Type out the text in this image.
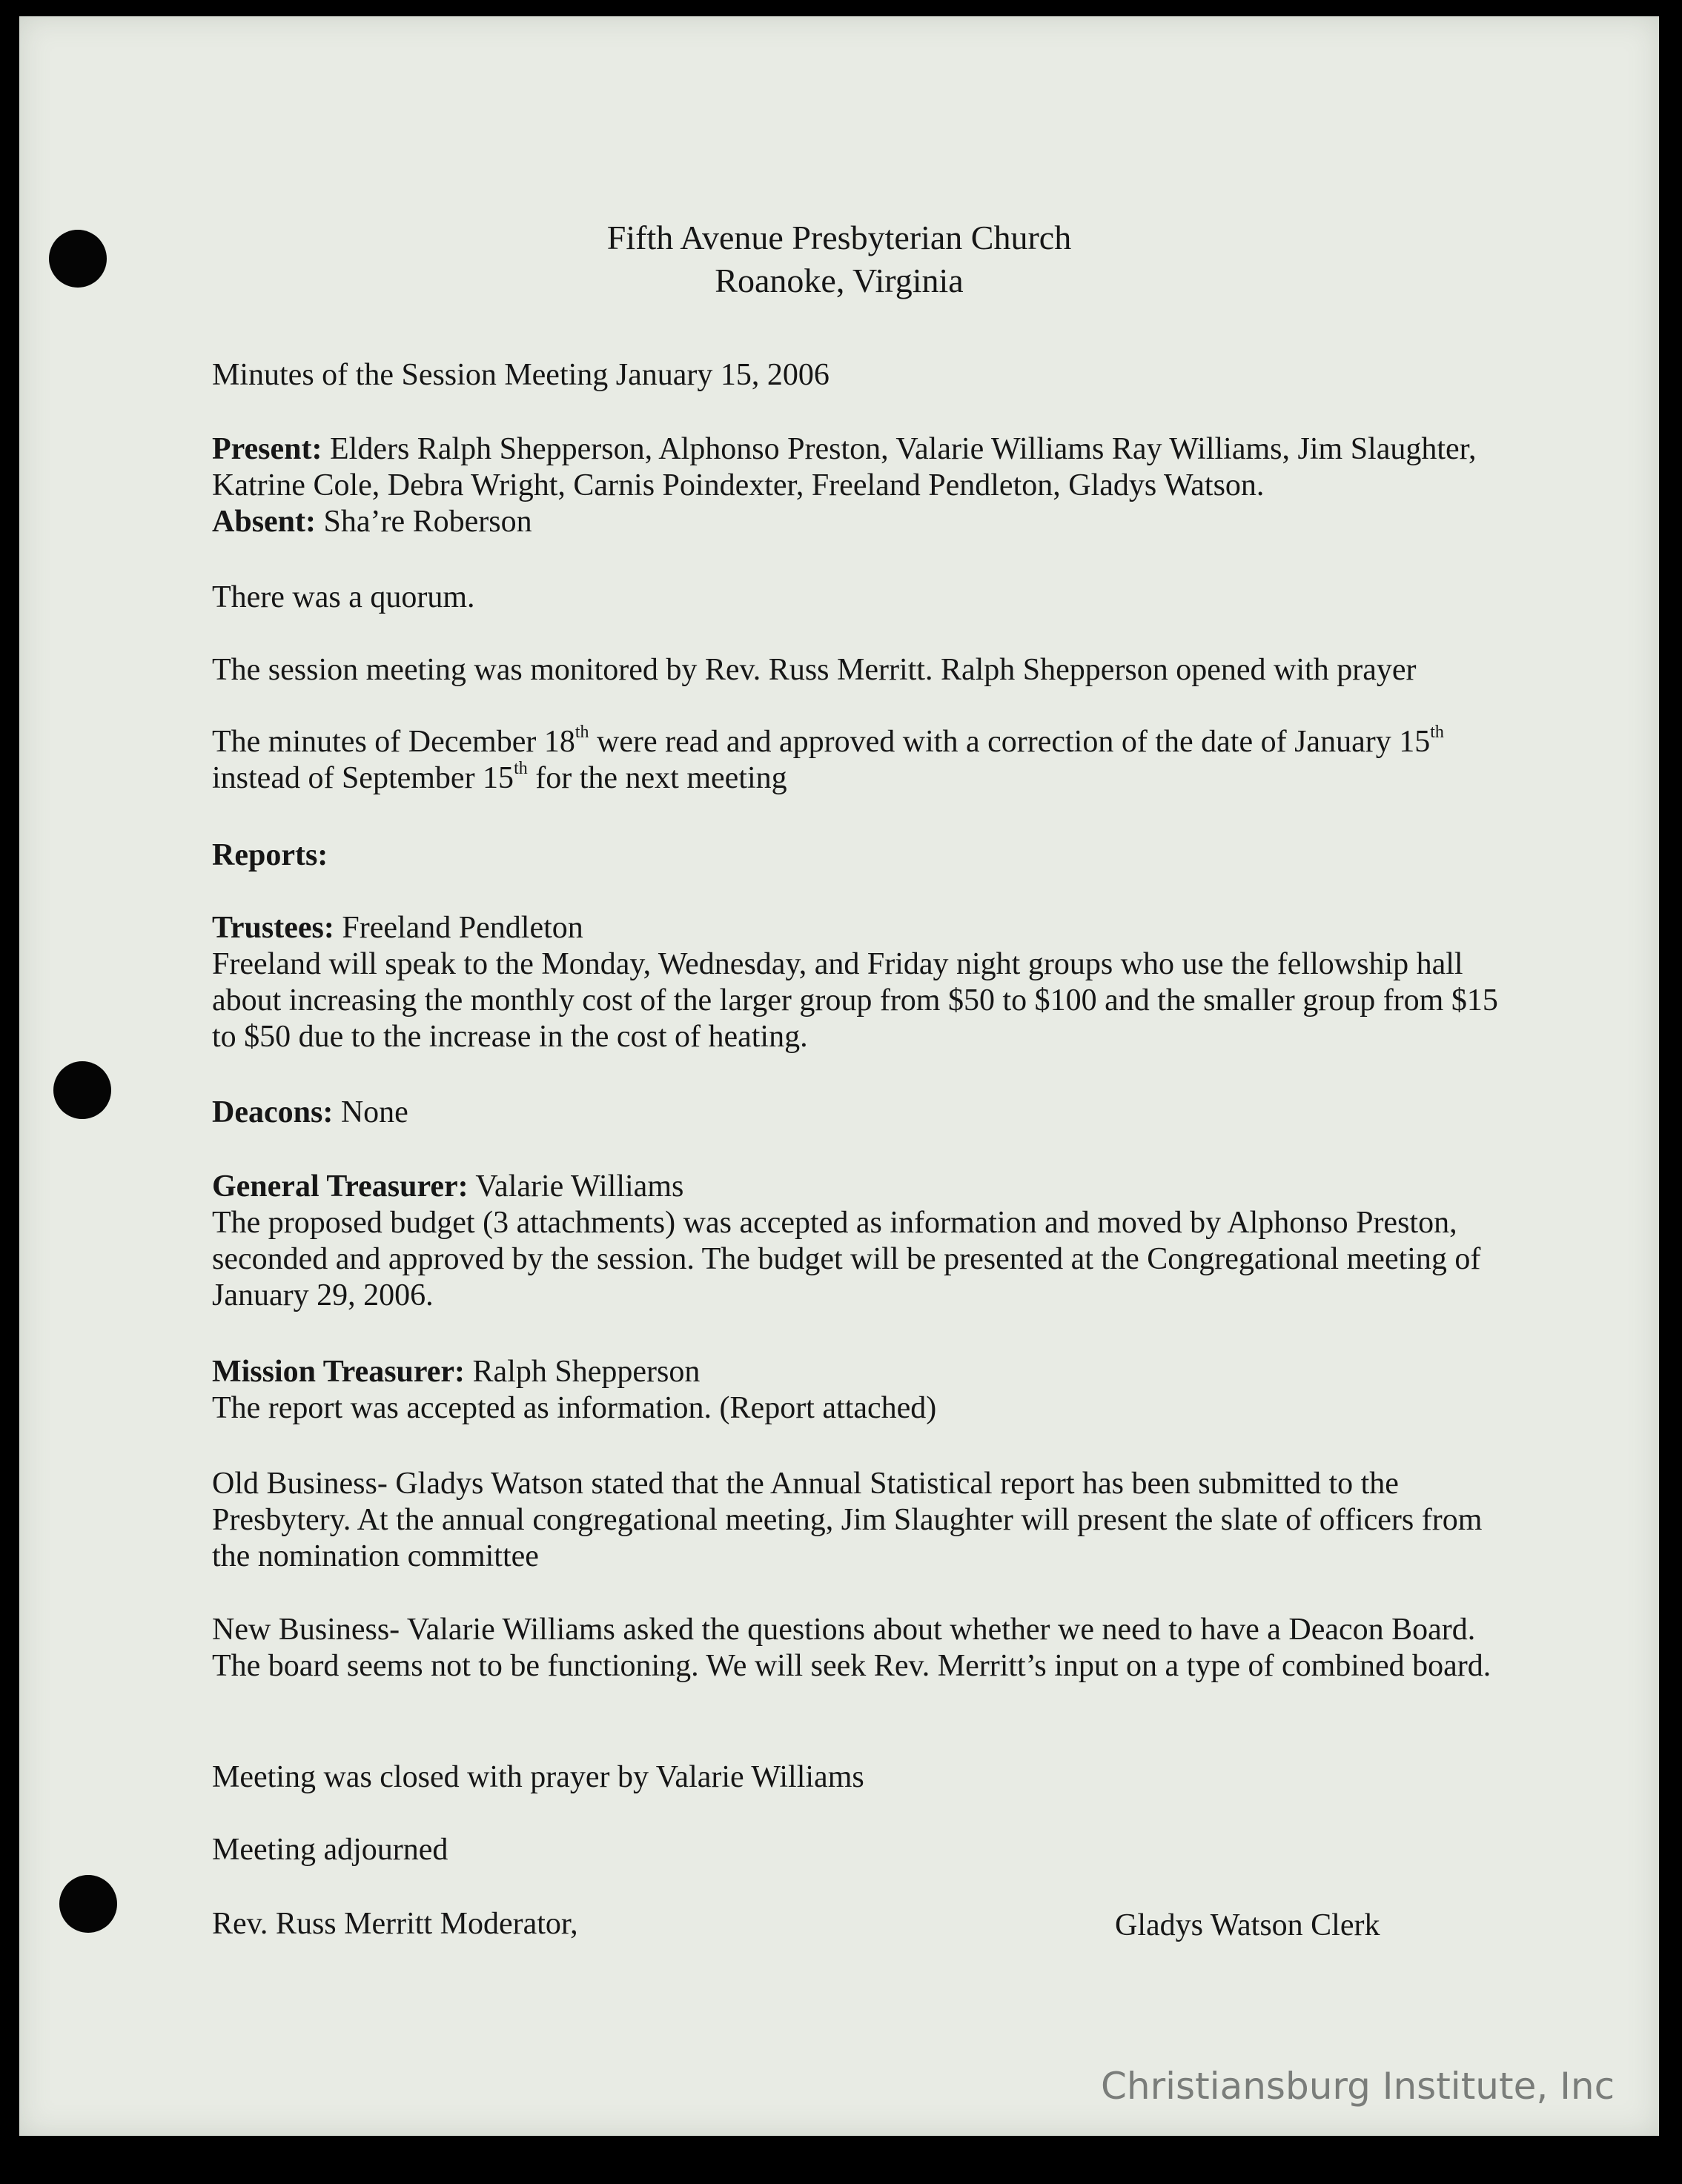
Fifth Avenue Presbyterian Church
Roanoke, Virginia

Minutes of the Session Meeting January 15, 2006

Present: Elders Ralph Shepperson, Alphonso Preston, Valarie Williams Ray Williams, Jim Slaughter, Katrine Cole, Debra Wright, Carnis Poindexter, Freeland Pendleton, Gladys Watson.
Absent: Sha’re Roberson

There was a quorum.

The session meeting was monitored by Rev. Russ Merritt. Ralph Shepperson opened with prayer

The minutes of December 18th were read and approved with a correction of the date of January 15th instead of September 15th for the next meeting

Reports:

Trustees: Freeland Pendleton
Freeland will speak to the Monday, Wednesday, and Friday night groups who use the fellowship hall about increasing the monthly cost of the larger group from $50 to $100 and the smaller group from $15 to $50 due to the increase in the cost of heating.

Deacons: None

General Treasurer: Valarie Williams
The proposed budget (3 attachments) was accepted as information and moved by Alphonso Preston, seconded and approved by the session. The budget will be presented at the Congregational meeting of January 29, 2006.

Mission Treasurer: Ralph Shepperson
The report was accepted as information. (Report attached)

Old Business- Gladys Watson stated that the Annual Statistical report has been submitted to the Presbytery. At the annual congregational meeting, Jim Slaughter will present the slate of officers from the nomination committee

New Business- Valarie Williams asked the questions about whether we need to have a Deacon Board. The board seems not to be functioning. We will seek Rev. Merritt’s input on a type of combined board.

Meeting was closed with prayer by Valarie Williams

Meeting adjourned

Rev. Russ Merritt Moderator,	Gladys Watson Clerk

Christiansburg Institute, Inc
